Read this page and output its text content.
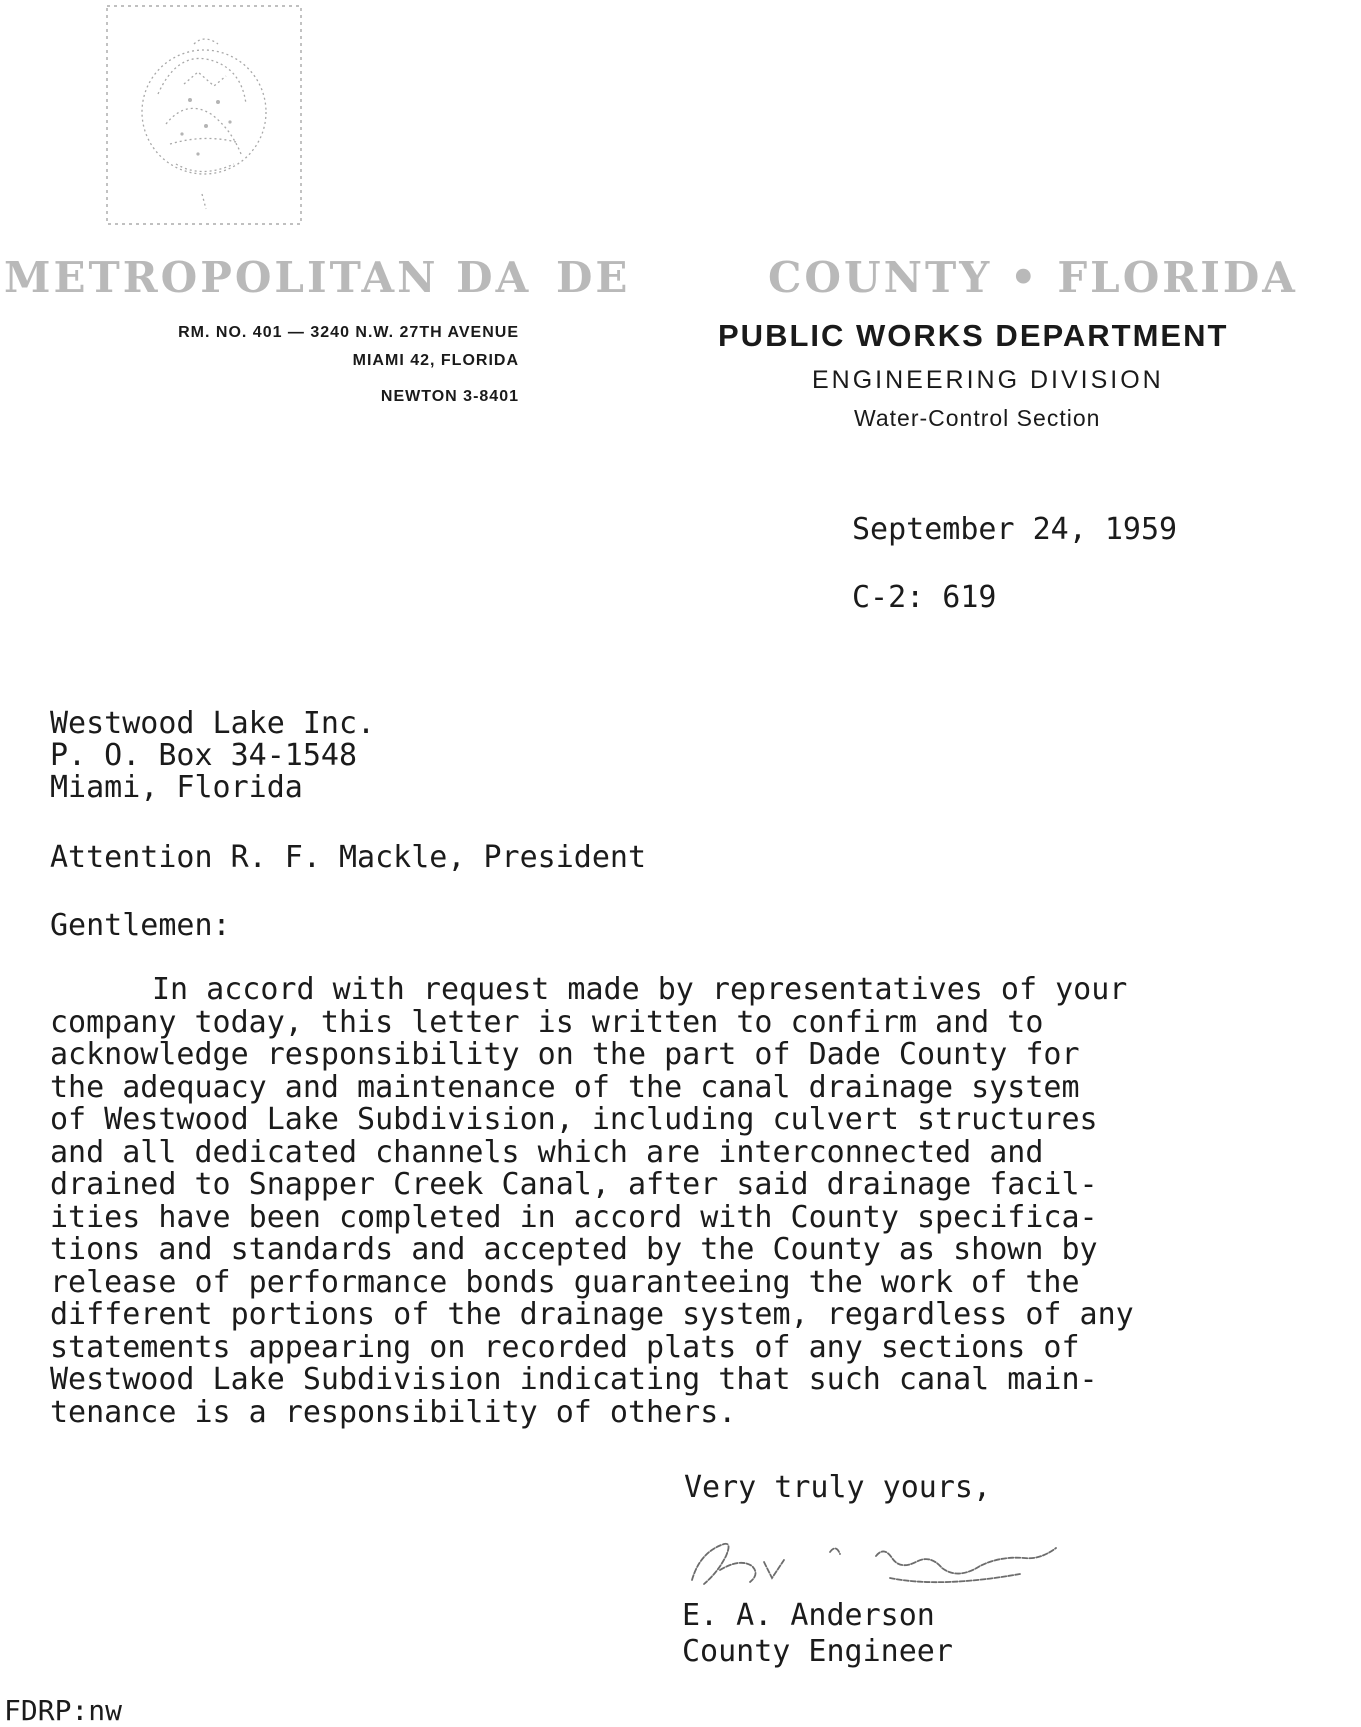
METROPOLITAN DA DE	COUNTY • FLORIDA
RM. NO. 401 — 3240 N.W. 27TH AVENUE
MIAMI 42, FLORIDA
NEWTON 3-8401
PUBLIC WORKS DEPARTMENT
ENGINEERING DIVISION
Water-Control Section
September 24, 1959
C-2: 619
Westwood Lake Inc.
P. O. Box 34-1548
Miami, Florida
Attention R. F. Mackle, President
Gentlemen:
In accord with request made by representatives of your
company today, this letter is written to confirm and to
acknowledge responsibility on the part of Dade County for
the adequacy and maintenance of the canal drainage system
of Westwood Lake Subdivision, including culvert structures
and all dedicated channels which are interconnected and
drained to Snapper Creek Canal, after said drainage facil-
ities have been completed in accord with County specifica-
tions and standards and accepted by the County as shown by
release of performance bonds guaranteeing the work of the
different portions of the drainage system, regardless of any
statements appearing on recorded plats of any sections of
Westwood Lake Subdivision indicating that such canal main-
tenance is a responsibility of others.
Very truly yours,
E. A. Anderson
County Engineer
FDRP:nw
